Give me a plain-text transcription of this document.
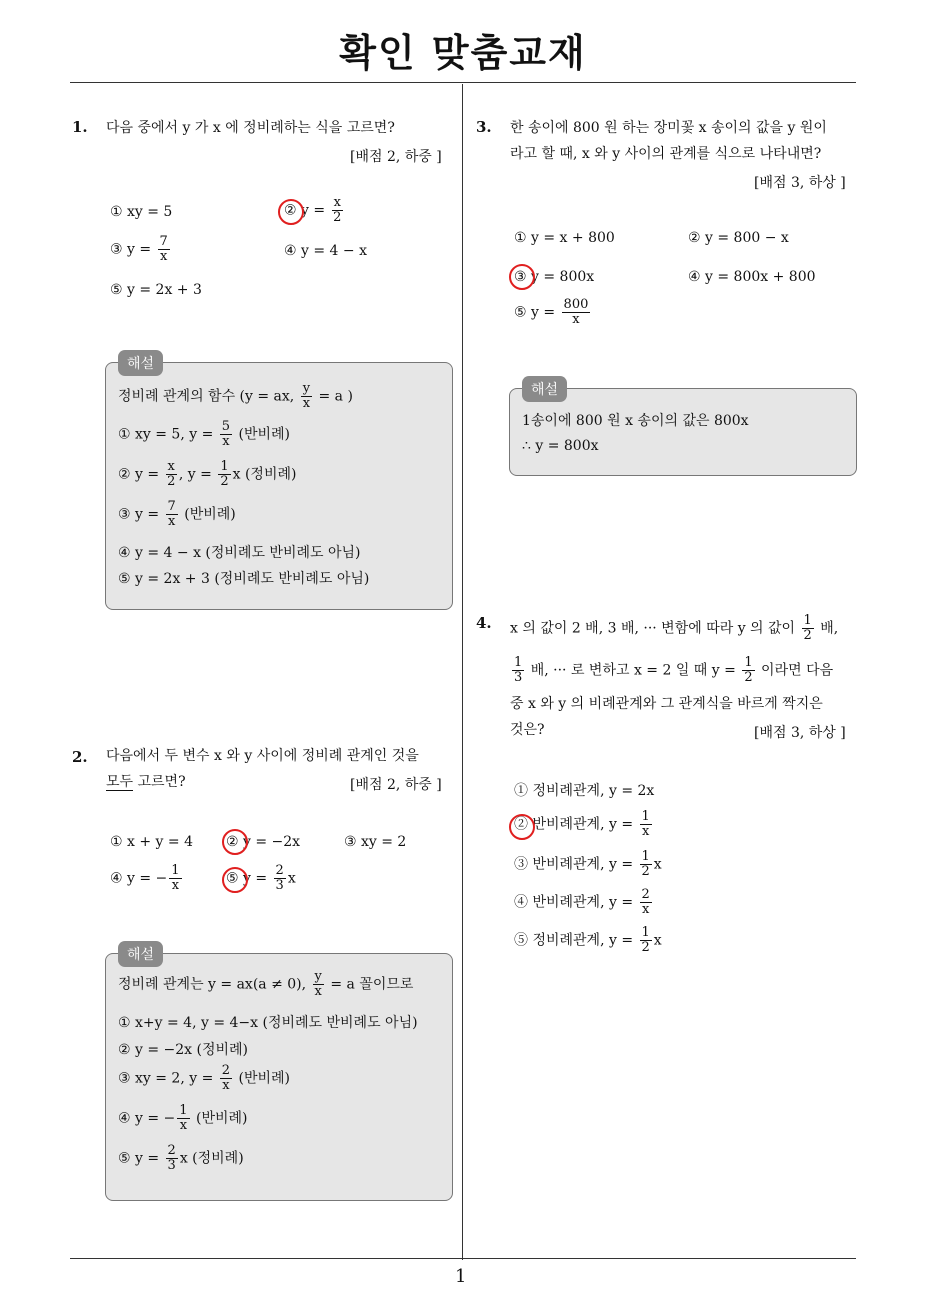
확인 맞춤교재
1
1. 다음 중에서 y 가 x 에 정비례하는 식을 고르면?
[배점 2, 하중 ]
① xy = 5	② $y = \frac{x}{2}$
③ $y = \frac{7}{x}$	④ y = 4 − x
⑤ y = 2x + 3
해설
정비례 관계의 함수 (y = ax, $\frac{y}{x} = a$ )
① xy = 5, $y = \frac{5}{x}$ (반비례)
② $y = \frac{x}{2}$ , $y = \frac{1}{2}$ x (정비례)
③ $y = \frac{7}{x}$ (반비례)
④ y = 4 − x (정비례도 반비례도 아님)
⑤ y = 2x + 3 (정비례도 반비례도 아님)
2. 다음에서 두 변수 x 와 y 사이에 정비례 관계인 것을
모두 고르면?	[배점 2, 하중 ]
① x + y = 4 ② y = −2x	③ xy = 2
④ y = − $\frac{1}{x}$	⑤ $y = \frac{2}{3}$ x
해설
정비례 관계는 y = ax(a ≠ 0), $\frac{y}{x} = a$ 꼴이므로
① x+y = 4, y = 4−x (정비례도 반비례도 아님)
② y = −2x (정비례)
③ xy = 2, $y = \frac{2}{x}$ (반비례)
④ y = − $\frac{1}{x}$ (반비례)
⑤ $y = \frac{2}{3}$ x (정비례)
3. 한 송이에 800 원 하는 장미꽃 x 송이의 값을 y 원이
라고 할 때, x 와 y 사이의 관계를 식으로 나타내면?
[배점 3, 하상 ]
① y = x + 800	② y = 800 − x
③ y = 800x	④ y = 800x + 800
⑤ $y = \frac{800}{x}$
해설
1송이에 800 원 x 송이의 값은 800x
∴ y = 800x
4. x 의 값이 2 배, 3 배, ··· 변함에 따라 y 의 값이 $\frac{1}{2}$ 배,
$\frac{1}{3}$ 배, ··· 로 변하고 x = 2 일 때 $y = \frac{1}{2}$ 이라면 다음
중 x 와 y 의 비례관계와 그 관계식을 바르게 짝지은
것은?	[배점 3, 하상 ]
① 정비례관계, y = 2x
② 반비례관계, $y = \frac{1}{x}$
③ 반비례관계, $y = \frac{1}{2}$ x
④ 반비례관계, $y = \frac{2}{x}$
⑤ 정비례관계, $y = \frac{1}{2}$ x
